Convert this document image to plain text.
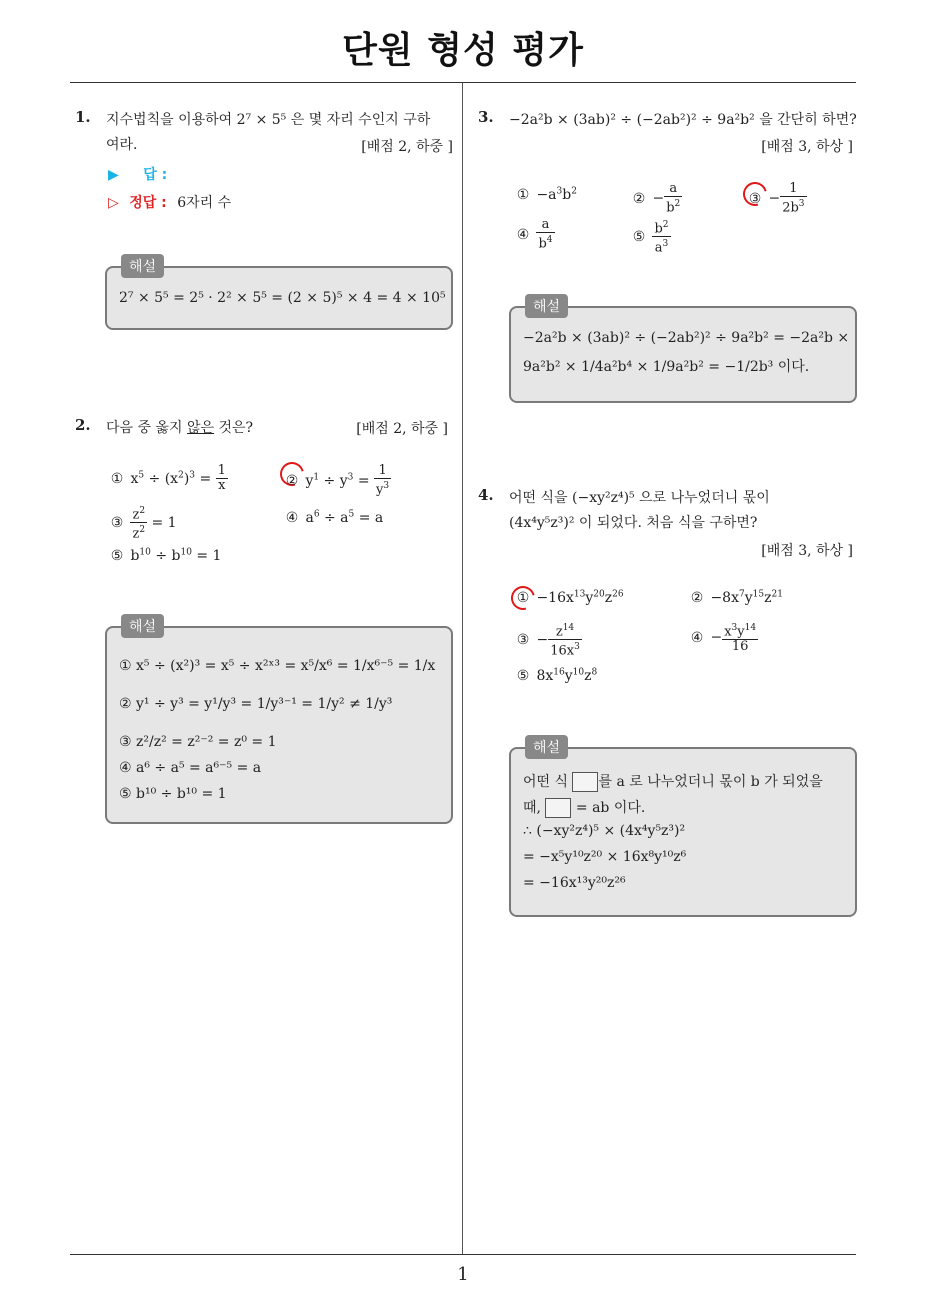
단원 형성 평가
1. 지수법칙을 이용하여 2⁷ × 5⁵ 은 몇 자리 수인지 구하
여라.	[배점 2, 하중 ]
▶ 답 :
▷ 정답 : 6자리 수
해설
2⁷ × 5⁵ = 2⁵ · 2² × 5⁵ = (2 × 5)⁵ × 4 = 4 × 10⁵
2. 다음 중 옳지 않은 것은?	[배점 2, 하중 ]
① $x^5 \div (x^2)^3 = \frac{1}{x}$	② $y^1 \div y^3 = \frac{1}{y^3}$
③ $\frac{z^2}{z^2} = 1$	④ $a^6 \div a^5 = a$
⑤ $b^{10} \div b^{10} = 1$
해설
① x⁵ ÷ (x²)³ = x⁵ ÷ x²ˣ³ = x⁵/x⁶ = 1/x⁶⁻⁵ = 1/x
② y¹ ÷ y³ = y¹/y³ = 1/y³⁻¹ = 1/y² ≠ 1/y³
③ z²/z² = z²⁻² = z⁰ = 1
④ a⁶ ÷ a⁵ = a⁶⁻⁵ = a
⑤ b¹⁰ ÷ b¹⁰ = 1
3. −2a²b × (3ab)² ÷ (−2ab²)² ÷ 9a²b² 을 간단히 하면?
[배점 3, 하상 ]
① $-a^3b^2$	② − $\frac{a}{b^2}$	③ − $\frac{1}{2b^3}$
④ $\frac{a}{b^4}$	⑤ $\frac{b^2}{a^3}$
해설
−2a²b × (3ab)² ÷ (−2ab²)² ÷ 9a²b² = −2a²b ×
9a²b² × 1/4a²b⁴ × 1/9a²b² = −1/2b³ 이다.
4. 어떤 식을 (−xy²z⁴)⁵ 으로 나누었더니 몫이
(4x⁴y⁵z³)² 이 되었다. 처음 식을 구하면?
[배점 3, 하상 ]
① $-16x^{13}y^{20}z^{26}$	② $-8x^7y^{15}z^{21}$
③ − $\frac{z^{14}}{16x^3}$	④ − $\frac{x^3y^{14}}{16}$
⑤ $8x^{16}y^{10}z^8$
해설
어떤 식 를 a 로 나누었더니 몫이 b 가 되었을
때, = ab 이다.
∴ (−xy²z⁴)⁵ × (4x⁴y⁵z³)²
= −x⁵y¹⁰z²⁰ × 16x⁸y¹⁰z⁶
= −16x¹³y²⁰z²⁶
1
